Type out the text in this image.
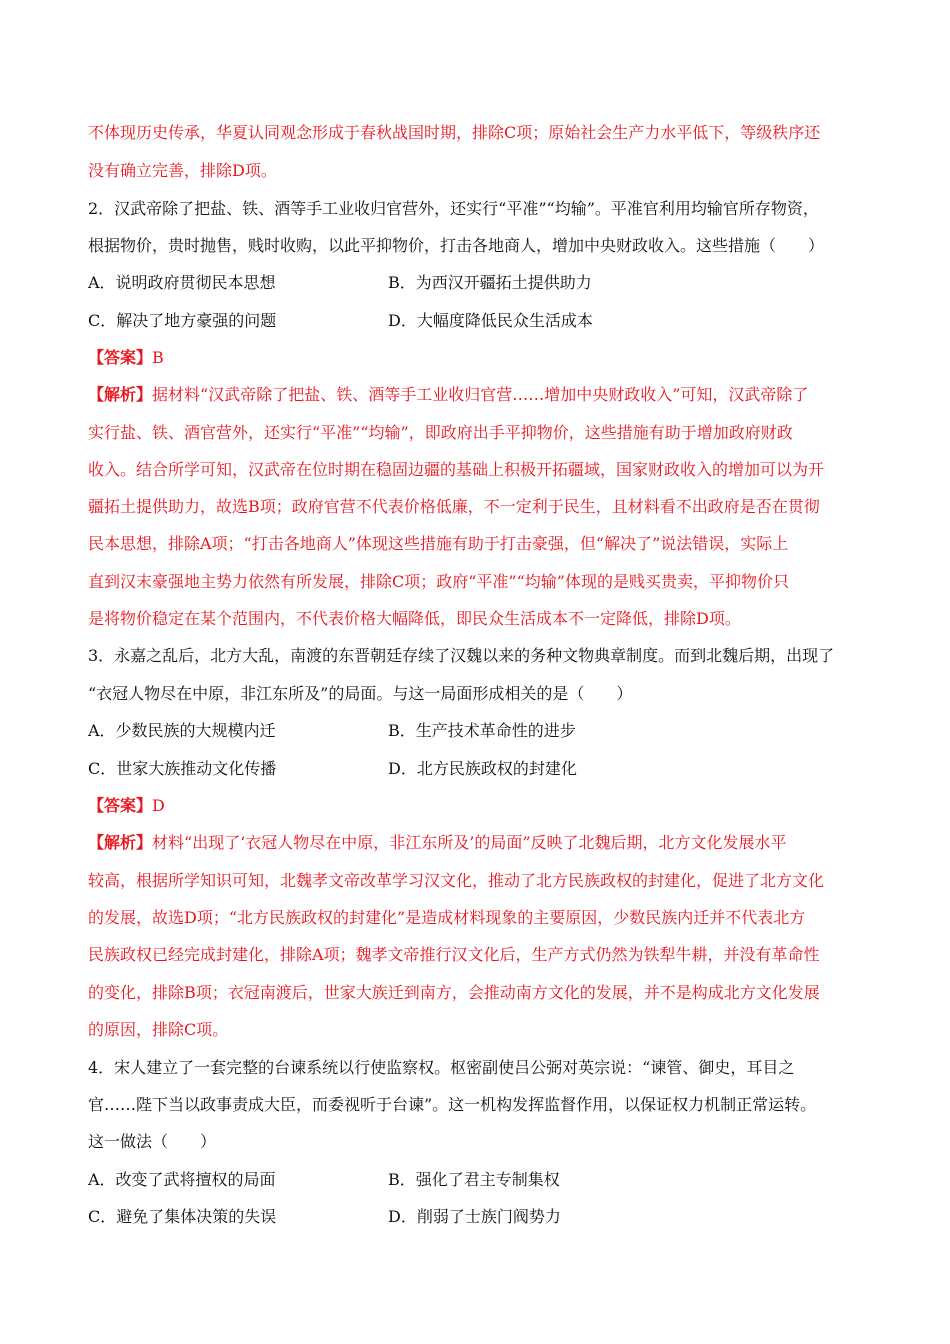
不体现历史传承，华夏认同观念形成于春秋战国时期，排除C项；原始社会生产力水平低下，等级秩序还
没有确立完善，排除D项。
2．汉武帝除了把盐、铁、酒等手工业收归官营外，还实行“平准”“均输”。平准官利用均输官所存物资，
根据物价，贵时抛售，贱时收购，以此平抑物价，打击各地商人，增加中央财政收入。这些措施（　　）
A．说明政府贯彻民本思想	B．为西汉开疆拓土提供助力
C．解决了地方豪强的问题	D．大幅度降低民众生活成本
【答案】B
【解析】据材料“汉武帝除了把盐、铁、酒等手工业收归官营……增加中央财政收入”可知，汉武帝除了
实行盐、铁、酒官营外，还实行“平准”“均输”，即政府出手平抑物价，这些措施有助于增加政府财政
收入。结合所学可知，汉武帝在位时期在稳固边疆的基础上积极开拓疆域，国家财政收入的增加可以为开
疆拓土提供助力，故选B项；政府官营不代表价格低廉，不一定利于民生，且材料看不出政府是否在贯彻
民本思想，排除A项；“打击各地商人”体现这些措施有助于打击豪强，但“解决了”说法错误，实际上
直到汉末豪强地主势力依然有所发展，排除C项；政府“平准”“均输”体现的是贱买贵卖，平抑物价只
是将物价稳定在某个范围内，不代表价格大幅降低，即民众生活成本不一定降低，排除D项。
3．永嘉之乱后，北方大乱，南渡的东晋朝廷存续了汉魏以来的务种文物典章制度。而到北魏后期，出现了
“衣冠人物尽在中原，非江东所及”的局面。与这一局面形成相关的是（　　）
A．少数民族的大规模内迁	B．生产技术革命性的进步
C．世家大族推动文化传播	D．北方民族政权的封建化
【答案】D
【解析】材料“出现了‘衣冠人物尽在中原，非江东所及’的局面”反映了北魏后期，北方文化发展水平
较高，根据所学知识可知，北魏孝文帝改革学习汉文化，推动了北方民族政权的封建化，促进了北方文化
的发展，故选D项；“北方民族政权的封建化”是造成材料现象的主要原因，少数民族内迁并不代表北方
民族政权已经完成封建化，排除A项；魏孝文帝推行汉文化后，生产方式仍然为铁犁牛耕，并没有革命性
的变化，排除B项；衣冠南渡后，世家大族迁到南方，会推动南方文化的发展，并不是构成北方文化发展
的原因，排除C项。
4．宋人建立了一套完整的台谏系统以行使监察权。枢密副使吕公弼对英宗说：“谏管、御史，耳目之
官……陛下当以政事责成大臣，而委视听于台谏”。这一机构发挥监督作用，以保证权力机制正常运转。
这一做法（　　）
A．改变了武将擅权的局面	B．强化了君主专制集权
C．避免了集体决策的失误	D．削弱了士族门阀势力
